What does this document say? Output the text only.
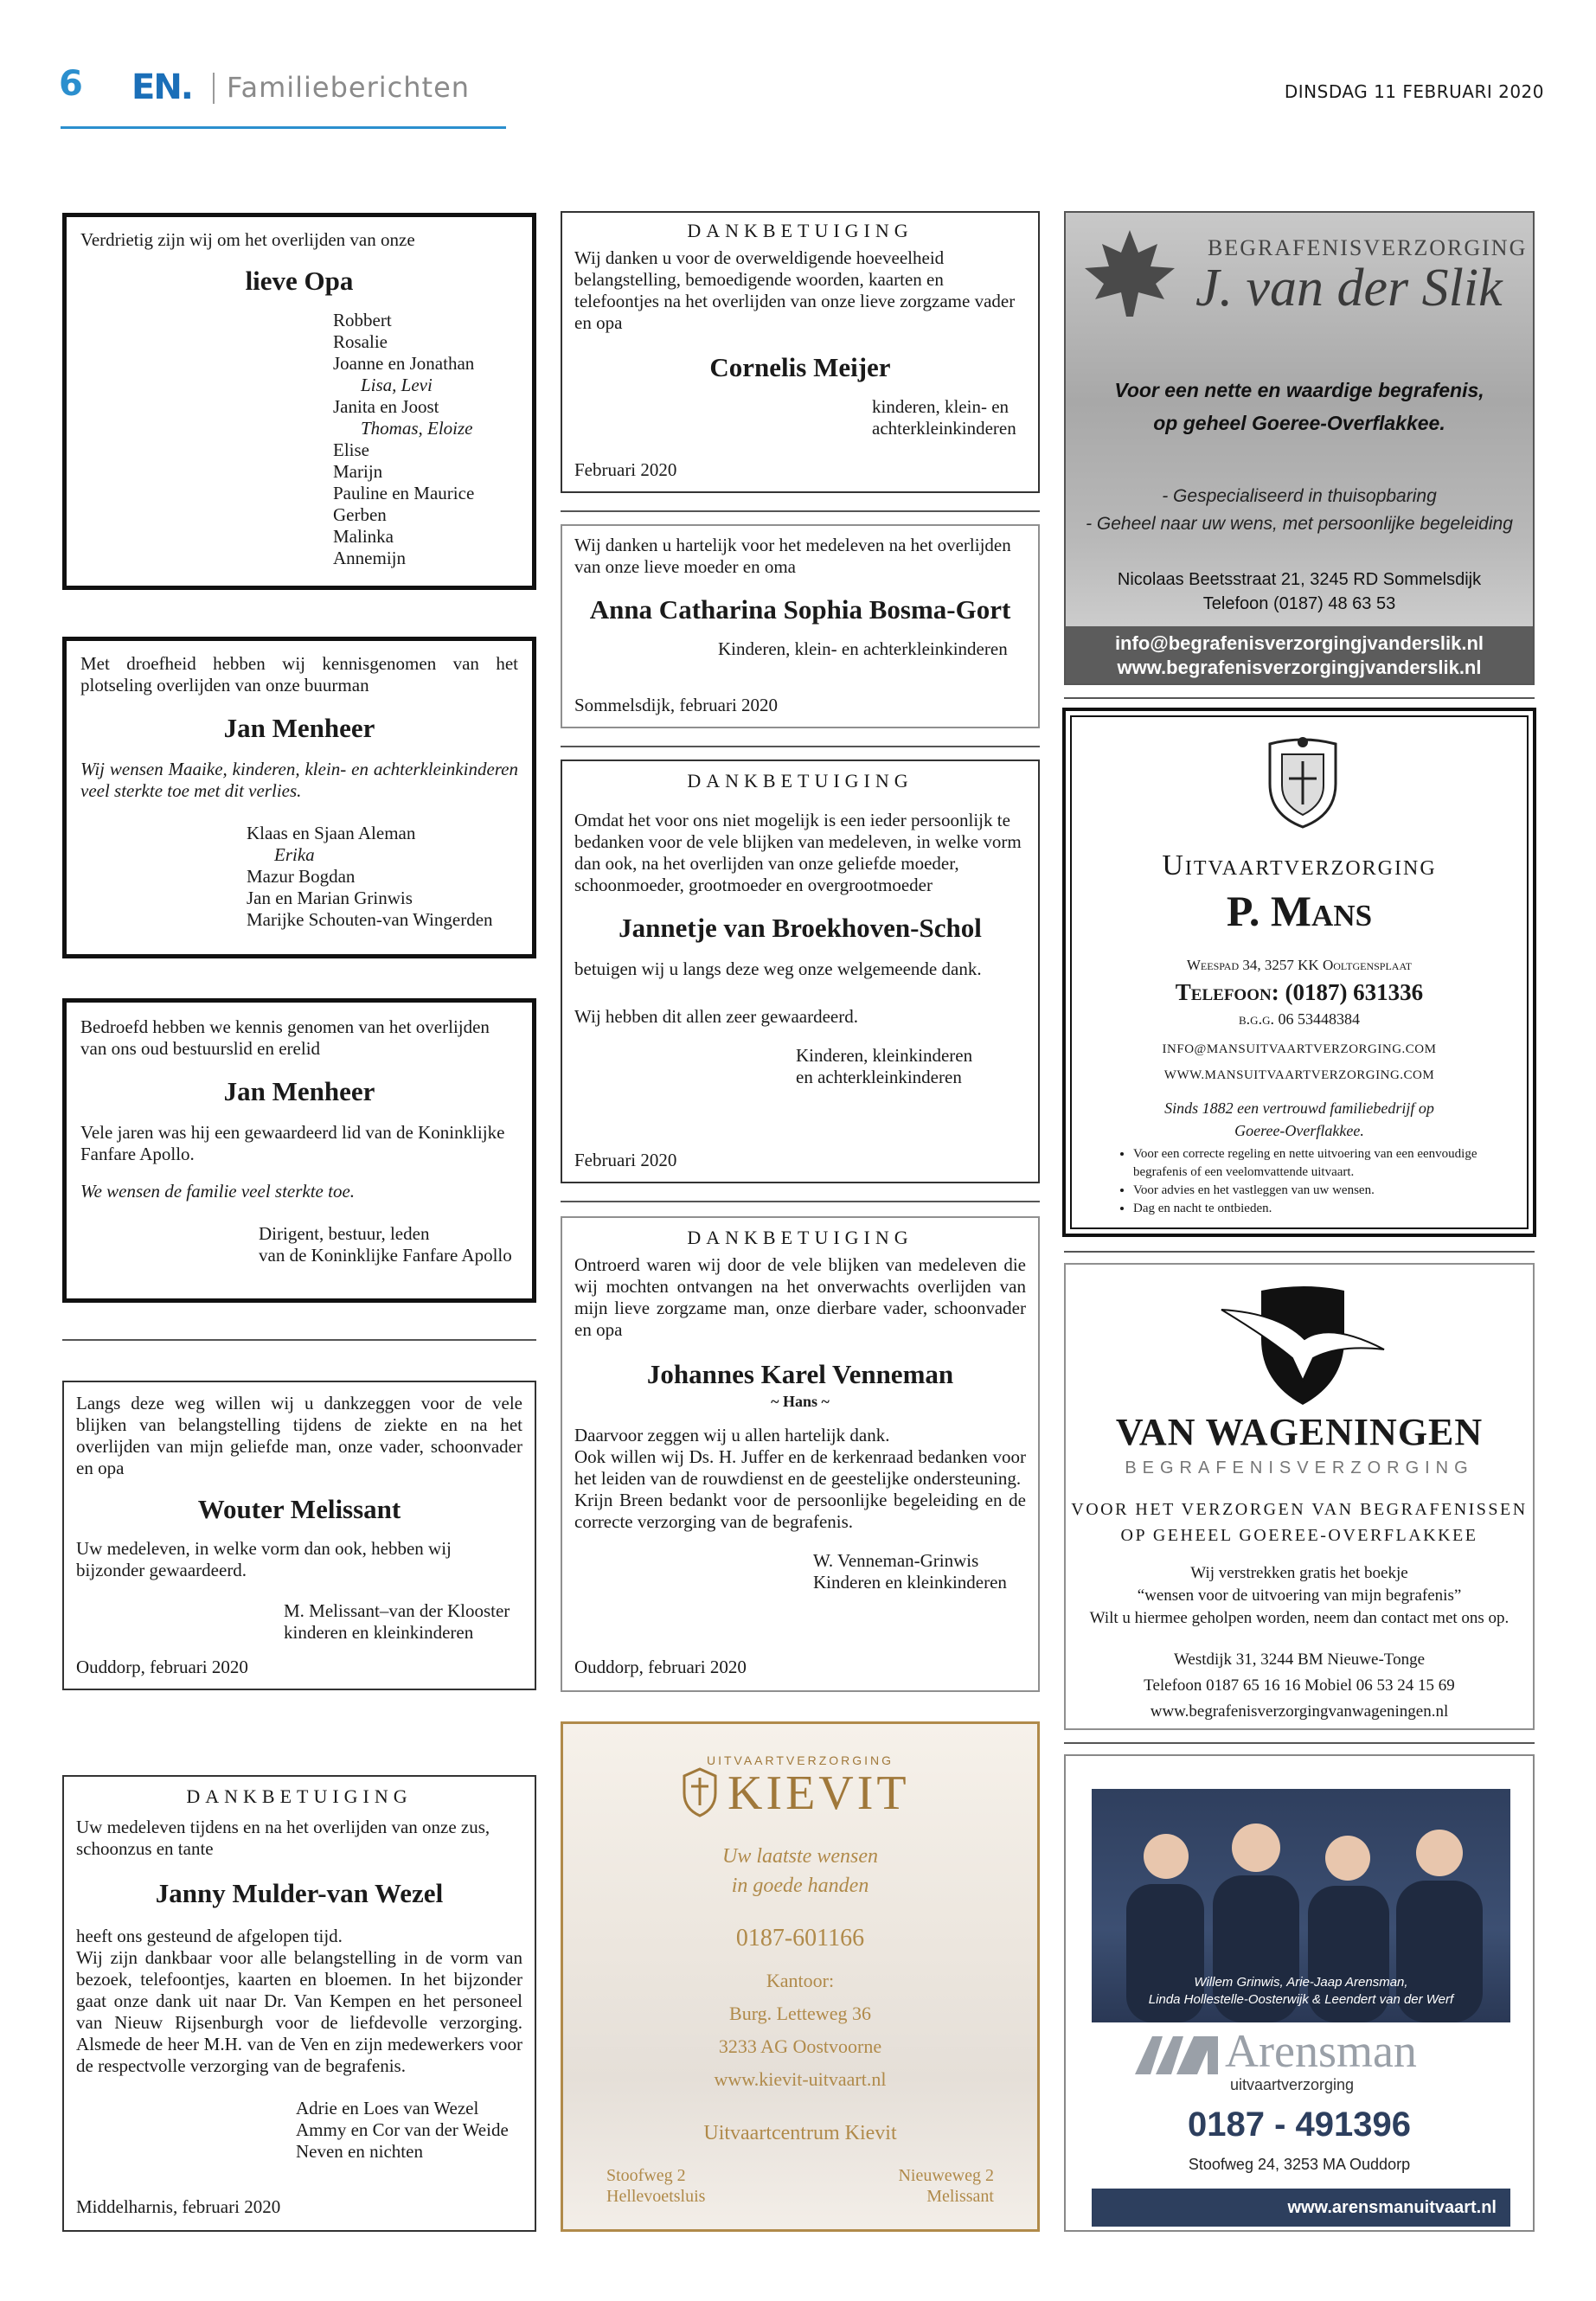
6 EN. Familieberichten	DINSDAG 11 FEBRUARI 2020
Verdrietig zijn wij om het overlijden van onze
lieve Opa
Robbert
Rosalie
Joanne en Jonathan
Lisa, Levi
Janita en Joost
Thomas, Eloize
Elise
Marijn
Pauline en Maurice
Gerben
Malinka
Annemijn
Met droefheid hebben wij kennisgenomen van het plotseling overlijden van onze buurman
Jan Menheer
Wij wensen Maaike, kinderen, klein- en achterkleinkinderen veel sterkte toe met dit verlies.
Klaas en Sjaan Aleman
Erika
Mazur Bogdan
Jan en Marian Grinwis
Marijke Schouten-van Wingerden
Bedroefd hebben we kennis genomen van het overlijden van ons oud bestuurslid en erelid
Jan Menheer
Vele jaren was hij een gewaardeerd lid van de Koninklijke Fanfare Apollo.
We wensen de familie veel sterkte toe.
Dirigent, bestuur, leden
van de Koninklijke Fanfare Apollo
Langs deze weg willen wij u dankzeggen voor de vele blijken van belangstelling tijdens de ziekte en na het overlijden van mijn geliefde man, onze vader, schoonvader en opa
Wouter Melissant
Uw medeleven, in welke vorm dan ook, hebben wij bijzonder gewaardeerd.
M. Melissant–van der Klooster
kinderen en kleinkinderen
Ouddorp, februari 2020
DANKBETUIGING
Uw medeleven tijdens en na het overlijden van onze zus, schoonzus en tante
Janny Mulder-van Wezel
heeft ons gesteund de afgelopen tijd.
Wij zijn dankbaar voor alle belangstelling in de vorm van bezoek, telefoontjes, kaarten en bloemen. In het bijzonder gaat onze dank uit naar Dr. Van Kempen en het personeel van Nieuw Rijsenburgh voor de liefdevolle verzorging. Alsmede de heer M.H. van de Ven en zijn medewerkers voor de respectvolle verzorging van de begrafenis.
Adrie en Loes van Wezel
Ammy en Cor van der Weide
Neven en nichten
Middelharnis, februari 2020
DANKBETUIGING
Wij danken u voor de overweldigende hoeveelheid belangstelling, bemoedigende woorden, kaarten en telefoontjes na het overlijden van onze lieve zorgzame vader en opa
Cornelis Meijer
kinderen, klein- en
achterkleinkinderen
Februari 2020
Wij danken u hartelijk voor het medeleven na het overlijden van onze lieve moeder en oma
Anna Catharina Sophia Bosma-Gort
Kinderen, klein- en achterkleinkinderen
Sommelsdijk, februari 2020
DANKBETUIGING
Omdat het voor ons niet mogelijk is een ieder persoonlijk te bedanken voor de vele blijken van medeleven, in welke vorm dan ook, na het overlijden van onze geliefde moeder, schoonmoeder, grootmoeder en overgrootmoeder
Jannetje van Broekhoven-Schol
betuigen wij u langs deze weg onze welgemeende dank.
Wij hebben dit allen zeer gewaardeerd.
Kinderen, kleinkinderen
en achterkleinkinderen
Februari 2020
DANKBETUIGING
Ontroerd waren wij door de vele blijken van medeleven die wij mochten ontvangen na het onverwachts overlijden van mijn lieve zorgzame man, onze dierbare vader, schoonvader en opa
Johannes Karel Venneman
~ Hans ~
Daarvoor zeggen wij u allen hartelijk dank.
Ook willen wij Ds. H. Juffer en de kerkenraad bedanken voor het leiden van de rouwdienst en de geestelijke ondersteuning.
Krijn Breen bedankt voor de persoonlijke begeleiding en de correcte verzorging van de begrafenis.
W. Venneman-Grinwis
Kinderen en kleinkinderen
Ouddorp, februari 2020
UITVAARTVERZORGING
KIEVIT
Uw laatste wensen
in goede handen
0187-601166
Kantoor:
Burg. Letteweg 36
3233 AG Oostvoorne
www.kievit-uitvaart.nl
Uitvaartcentrum Kievit
Stoofweg 2
Hellevoetsluis
Nieuweweg 2
Melissant
BEGRAFENISVERZORGING
J. van der Slik
Voor een nette en waardige begrafenis,
op geheel Goeree-Overflakkee.
- Gespecialiseerd in thuisopbaring
- Geheel naar uw wens, met persoonlijke begeleiding
Nicolaas Beetsstraat 21, 3245 RD Sommelsdijk
Telefoon (0187) 48 63 53
info@begrafenisverzorgingjvanderslik.nl
www.begrafenisverzorgingjvanderslik.nl
Uitvaartverzorging
P. Mans
Weespad 34, 3257 KK Ooltgensplaat
Telefoon: (0187) 631336
b.g.g. 06 53448384
INFO@MANSUITVAARTVERZORGING.COM
WWW.MANSUITVAARTVERZORGING.COM
Sinds 1882 een vertrouwd familiebedrijf op
Goeree-Overflakkee.
• Voor een correcte regeling en nette uitvoering van een eenvoudige begrafenis of een veelomvattende uitvaart.
• Voor advies en het vastleggen van uw wensen.
• Dag en nacht te ontbieden.
VAN WAGENINGEN
BEGRAFENISVERZORGING
VOOR HET VERZORGEN VAN BEGRAFENISSEN
OP GEHEEL GOEREE-OVERFLAKKEE
Wij verstrekken gratis het boekje
“wensen voor de uitvoering van mijn begrafenis”
Wilt u hiermee geholpen worden, neem dan contact met ons op.
Westdijk 31, 3244 BM Nieuwe-Tonge
Telefoon 0187 65 16 16 Mobiel 06 53 24 15 69
www.begrafenisverzorgingvanwageningen.nl
Willem Grinwis, Arie-Jaap Arensman,
Linda Hollestelle-Oosterwijk & Leendert van der Werf
Arensman
uitvaartverzorging
0187 - 491396
Stoofweg 24, 3253 MA Ouddorp
www.arensmanuitvaart.nl
